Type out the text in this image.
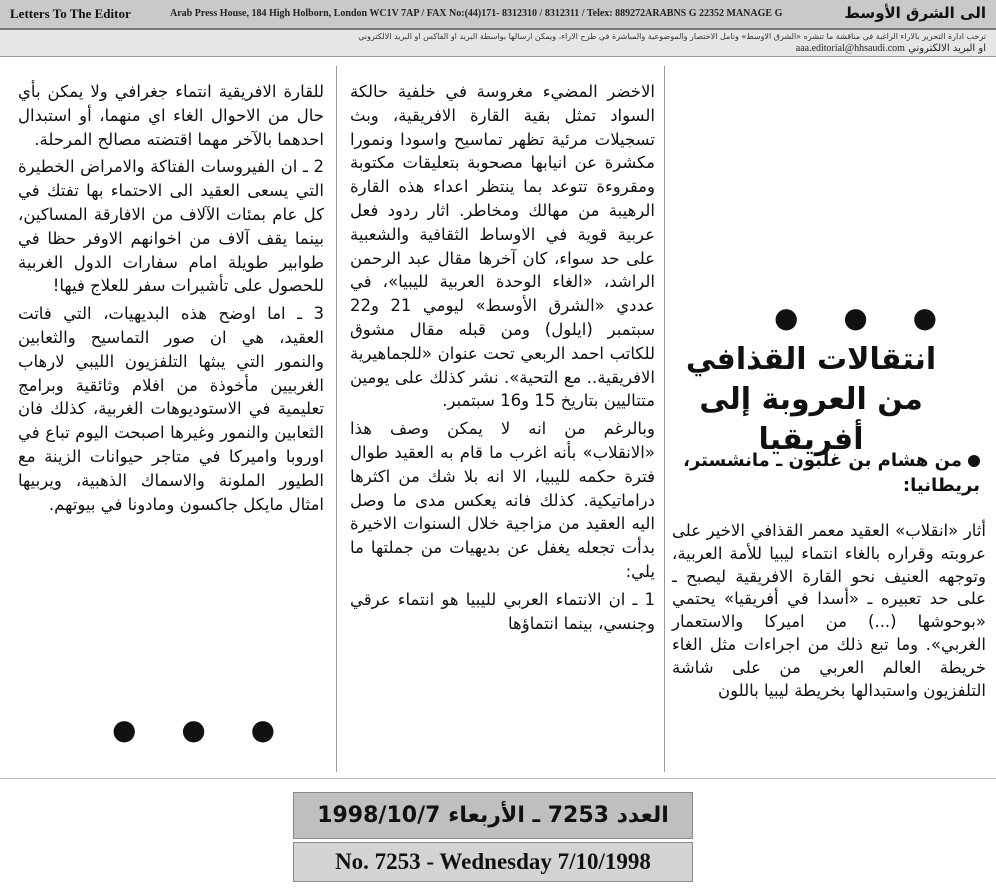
Letters To The Editor	Arab Press House, 184 High Holborn, London WC1V 7AP / FAX No:(44)171- 8312310 / 8312311 / Telex: 889272ARABNS G 22352 MANAGE G	الى الشرق الأوسط
ترحب ادارة التحرير بالاراء الراغبة في مناقشة ما تنشره «الشرق الاوسط» وتامل الاختصار والموضوعية والمباشرة في طرح الاراء، ويمكن ارسالها بواسطة البريد او الفاكس او البريد الالكتروني
او البريد الالكتروني aaa.editorial@hhsaudi.com

للقارة الافريقية انتماء جغرافي ولا يمكن بأي حال من الاحوال الغاء اي منهما، أو استبدال احدهما بالآخر مهما اقتضته مصالح المرحلة.

2 ـ ان الفيروسات الفتاكة والامراض الخطيرة التي يسعى العقيد الى الاحتماء بها تفتك في كل عام بمئات الآلاف من الافارقة المساكين، بينما يقف آلاف من اخوانهم الاوفر حظا في طوابير طويلة امام سفارات الدول الغربية للحصول على تأشيرات سفر للعلاج فيها!

3 ـ اما اوضح هذه البديهيات، التي فاتت العقيد، هي ان صور التماسيح والثعابين والنمور التي يبثها التلفزيون الليبي لارهاب الغربيين مأخوذة من افلام وثائقية وبرامج تعليمية في الاستوديوهات الغربية، كذلك فان الثعابين والنمور وغيرها اصبحت اليوم تباع في اوروبا واميركا في متاجر حيوانات الزينة مع الطيور الملونة والاسماك الذهبية، ويربيها امثال مايكل جاكسون ومادونا في بيوتهم.

الاخضر المضيء مغروسة في خلفية حالكة السواد تمثل بقية القارة الافريقية، وبث تسجيلات مرئية تظهر تماسيح واسودا ونمورا مكشرة عن انيابها مصحوبة بتعليقات مكتوبة ومقروءة تتوعد بما ينتظر اعداء هذه القارة الرهيبة من مهالك ومخاطر. اثار ردود فعل عربية قوية في الاوساط الثقافية والشعبية على حد سواء، كان آخرها مقال عبد الرحمن الراشد، «الغاء الوحدة العربية لليبيا»، في عددي «الشرق الأوسط» ليومي 21 و22 سبتمبر (ايلول) ومن قبله مقال مشوق للكاتب احمد الربعي تحت عنوان «للجماهيرية الافريقية.. مع التحية». نشر كذلك على يومين متتاليين بتاريخ 15 و16 سبتمبر.

وبالرغم من انه لا يمكن وصف هذا «الانقلاب» بأنه اغرب ما قام به العقيد طوال فترة حكمه لليبيا، الا انه بلا شك من اكثرها دراماتيكية. كذلك فانه يعكس مدى ما وصل اليه العقيد من مزاجية خلال السنوات الاخيرة بدأت تجعله يغفل عن بديهيات من جملتها ما يلي:

1 ـ ان الانتماء العربي لليبيا هو انتماء عرقي وجنسي، بينما انتماؤها

● ● ●
● ● ●
انتقالات القذافي
من العروبة إلى أفريقيا
من هشام بن غلبون ـ مانشستر، بريطانيا:

أثار «انقلاب» العقيد معمر القذافي الاخير على عروبته وقراره بالغاء انتماء ليبيا للأمة العربية، وتوجهه العنيف نحو القارة الافريقية ليصبح ـ على حد تعبيره ـ «أسدا في أفريقيا» يحتمي «بوحوشها (...) من اميركا والاستعمار الغربي». وما تبع ذلك من اجراءات مثل الغاء خريطة العالم العربي من على شاشة التلفزيون واستبدالها بخريطة ليبيا باللون

العدد 7253 ـ الأربعاء 1998/10/7
No. 7253 - Wednesday 7/10/1998
